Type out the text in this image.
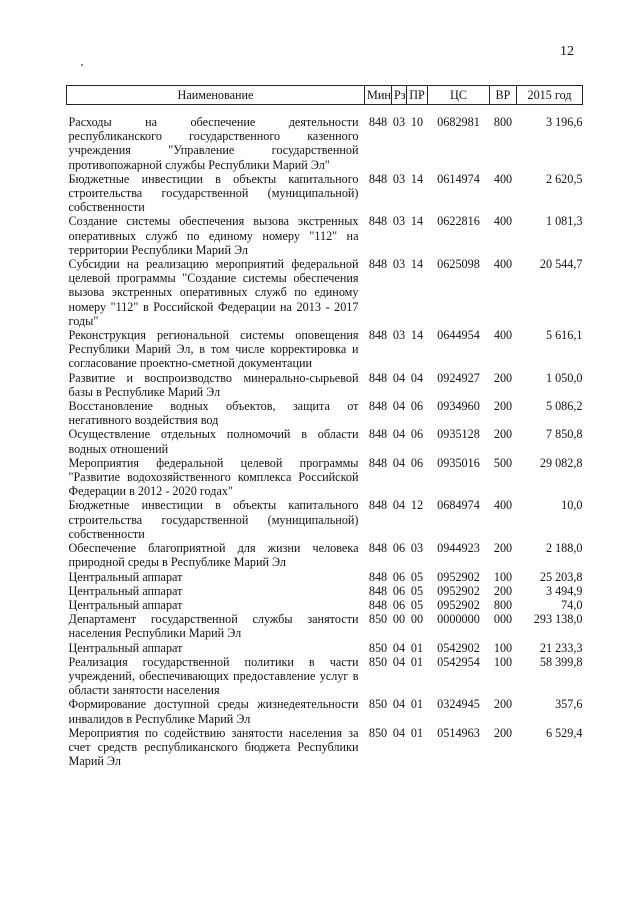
12
ʼ
Наименование	Мин	Рз	ПР	ЦС	ВР	2015 год
Расходы на обеспечение деятельности республиканского государственного казенного учреждения "Управление государственной противопожарной службы Республики Марий Эл"	848	03	10	0682981	800	3 196,6
Бюджетные инвестиции в объекты капитального строительства государственной (муниципальной) собственности	848	03	14	0614974	400	2 620,5
Создание системы обеспечения вызова экстренных оперативных служб по единому номеру "112" на территории Республики Марий Эл	848	03	14	0622816	400	1 081,3
Субсидии на реализацию мероприятий федеральной целевой программы "Создание системы обеспечения вызова экстренных оперативных служб по единому номеру "112" в Российской Федерации на 2013 - 2017 годы"	848	03	14	0625098	400	20 544,7
Реконструкция региональной системы оповещения Республики Марий Эл, в том числе корректировка и согласование проектно-сметной документации	848	03	14	0644954	400	5 616,1
Развитие и воспроизводство минерально-сырьевой базы в Республике Марий Эл	848	04	04	0924927	200	1 050,0
Восстановление водных объектов, защита от негативного воздействия вод	848	04	06	0934960	200	5 086,2
Осуществление отдельных полномочий в области водных отношений	848	04	06	0935128	200	7 850,8
Мероприятия федеральной целевой программы "Развитие водохозяйственного комплекса Российской Федерации в 2012 - 2020 годах"	848	04	06	0935016	500	29 082,8
Бюджетные инвестиции в объекты капитального строительства государственной (муниципальной) собственности	848	04	12	0684974	400	10,0
Обеспечение благоприятной для жизни человека природной среды в Республике Марий Эл	848	06	03	0944923	200	2 188,0
Центральный аппарат	848	06	05	0952902	100	25 203,8
Центральный аппарат	848	06	05	0952902	200	3 494,9
Центральный аппарат	848	06	05	0952902	800	74,0
Департамент государственной службы занятости населения Республики Марий Эл	850	00	00	0000000	000	293 138,0
Центральный аппарат	850	04	01	0542902	100	21 233,3
Реализация государственной политики в части учреждений, обеспечивающих предоставление услуг в области занятости населения	850	04	01	0542954	100	58 399,8
Формирование доступной среды жизнедеятельности инвалидов в Республике Марий Эл	850	04	01	0324945	200	357,6
Мероприятия по содействию занятости населения за счет средств республиканского бюджета Республики Марий Эл	850	04	01	0514963	200	6 529,4
